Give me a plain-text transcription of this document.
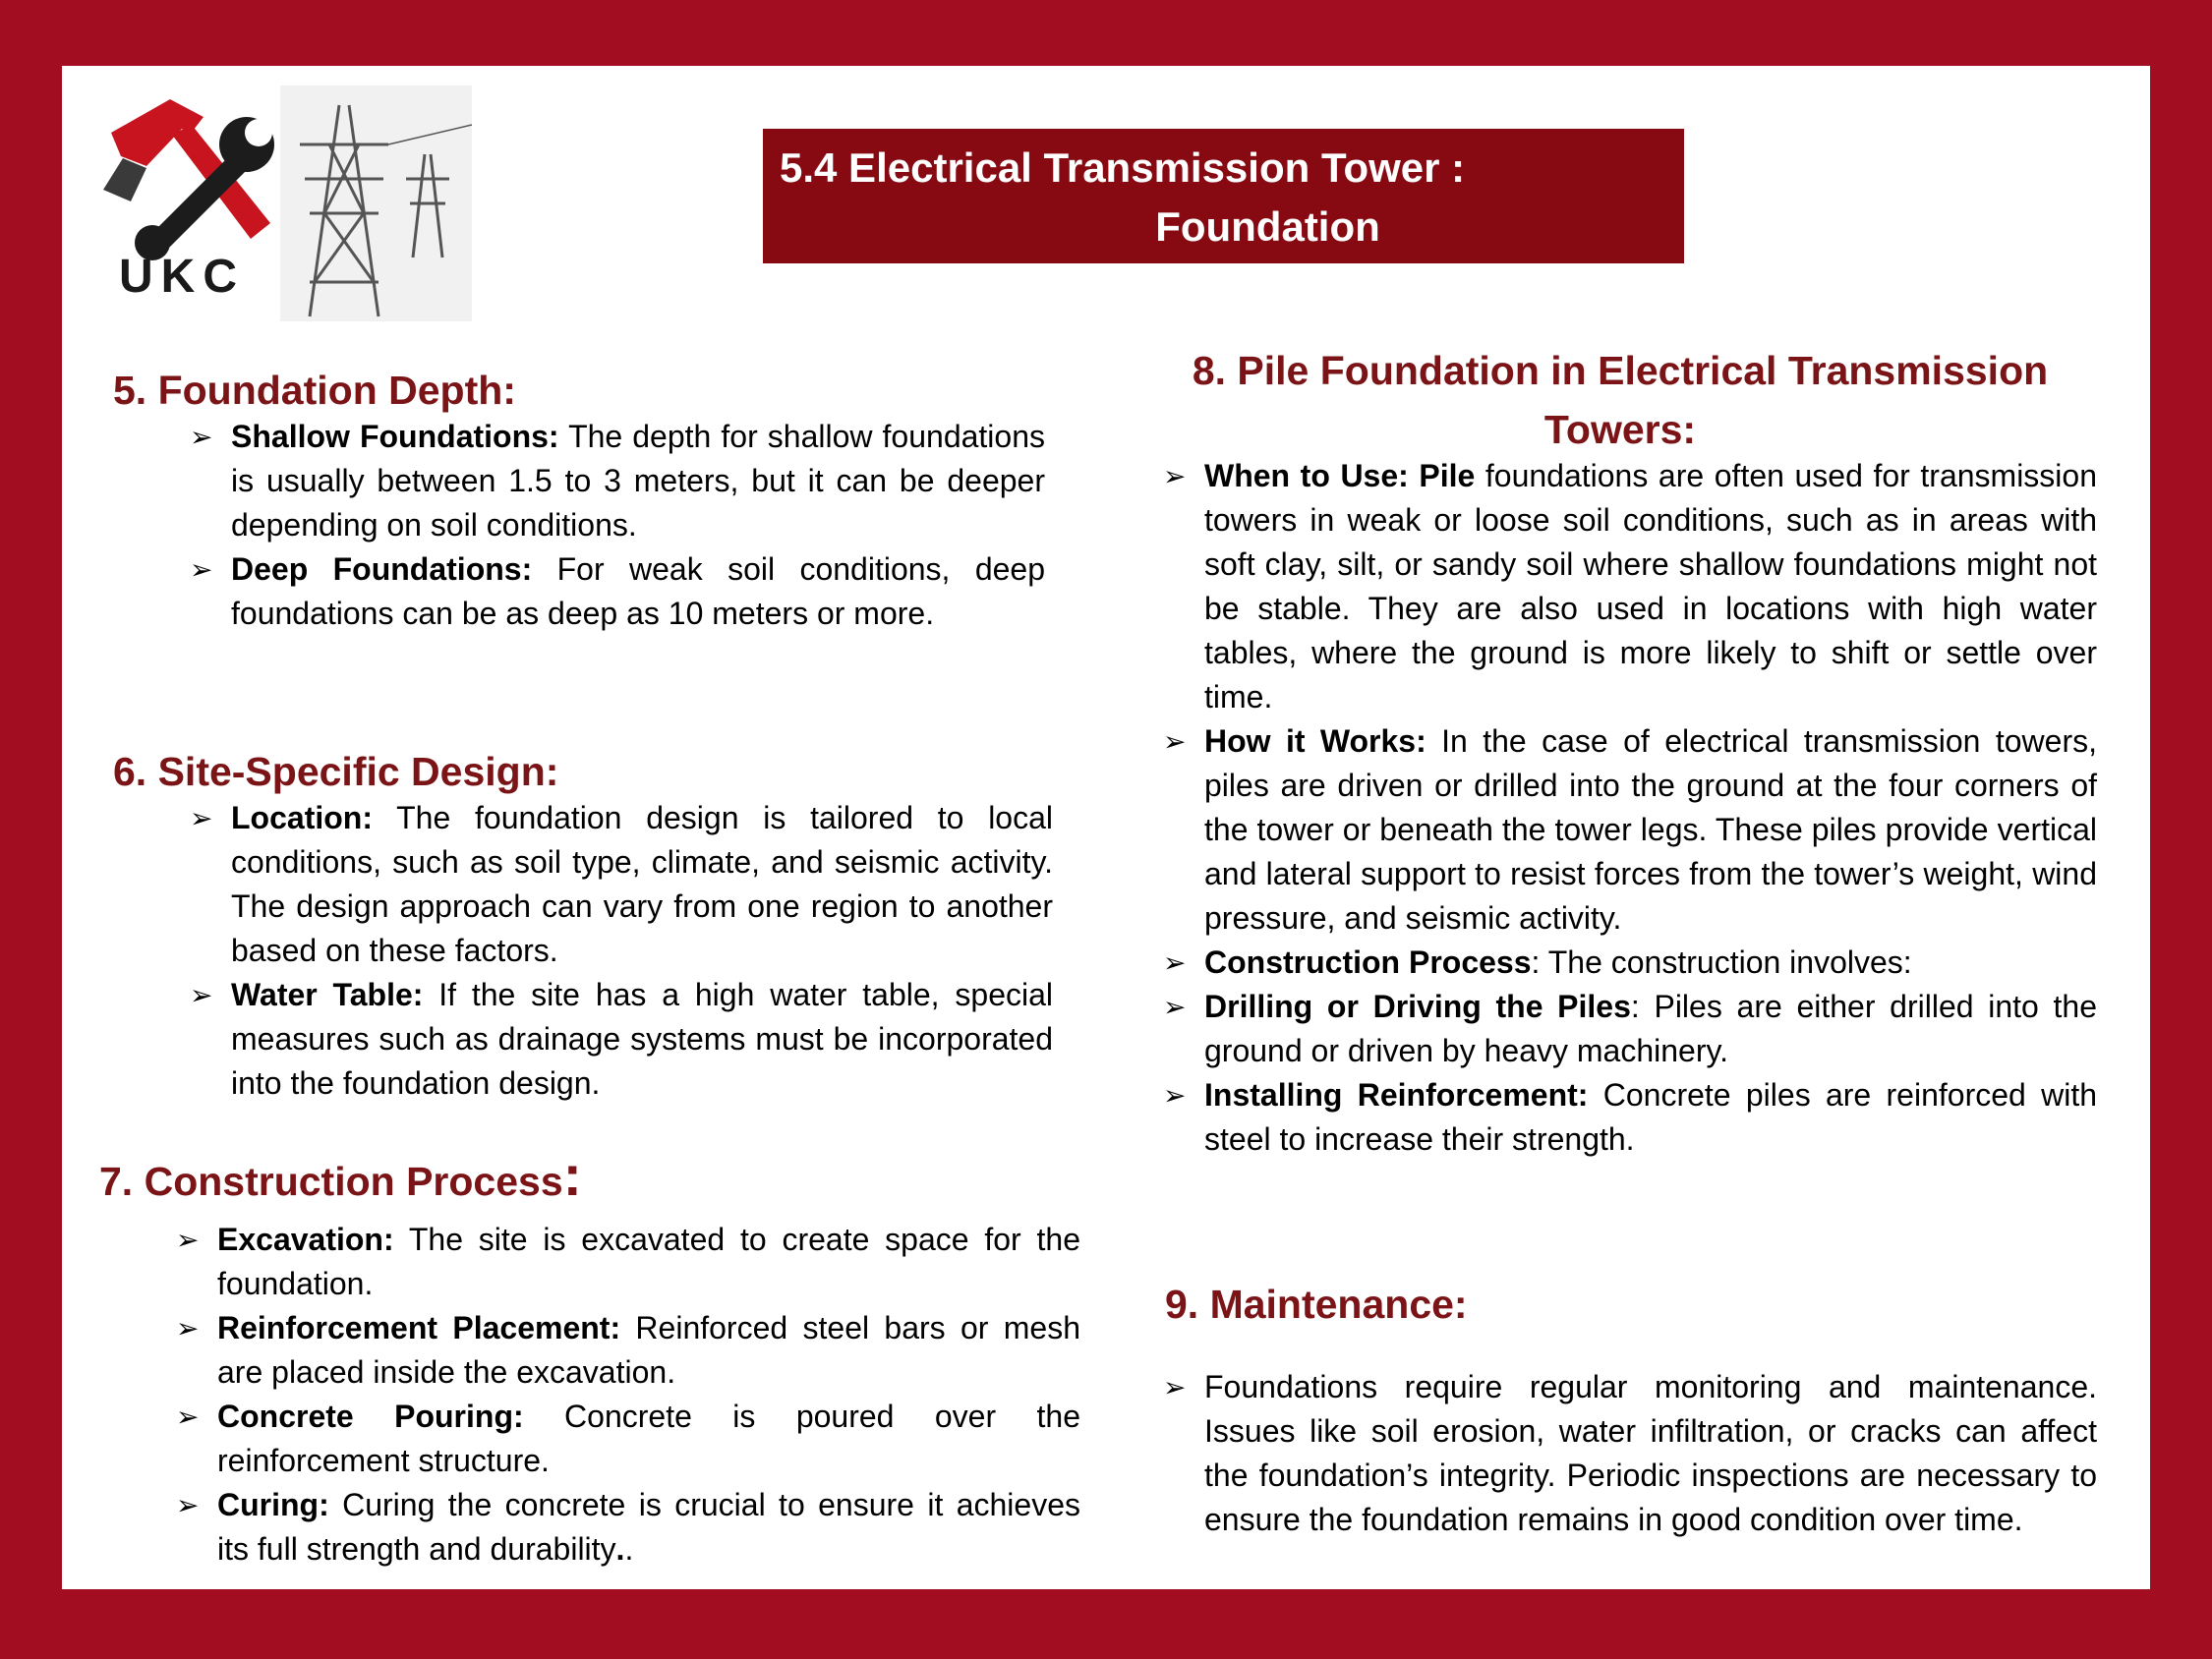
UKC
5.4 Electrical Transmission Tower :
Foundation
5. Foundation Depth:
➢ Shallow Foundations: The depth for shallow foundations is usually between 1.5 to 3 meters, but it can be deeper depending on soil conditions.
➢ Deep Foundations: For weak soil conditions, deep foundations can be as deep as 10 meters or more.
6. Site-Specific Design:
➢ Location: The foundation design is tailored to local conditions, such as soil type, climate, and seismic activity. The design approach can vary from one region to another based on these factors.
➢ Water Table: If the site has a high water table, special measures such as drainage systems must be incorporated into the foundation design.
7. Construction Process:
➢ Excavation: The site is excavated to create space for the foundation.
➢ Reinforcement Placement: Reinforced steel bars or mesh are placed inside the excavation.
➢ Concrete Pouring: Concrete is poured over the reinforcement structure.
➢ Curing: Curing the concrete is crucial to ensure it achieves its full strength and durability..
8. Pile Foundation in Electrical Transmission Towers:
➢ When to Use: Pile foundations are often used for transmission towers in weak or loose soil conditions, such as in areas with soft clay, silt, or sandy soil where shallow foundations might not be stable. They are also used in locations with high water tables, where the ground is more likely to shift or settle over time.
➢ How it Works: In the case of electrical transmission towers, piles are driven or drilled into the ground at the four corners of the tower or beneath the tower legs. These piles provide vertical and lateral support to resist forces from the tower’s weight, wind pressure, and seismic activity.
➢ Construction Process: The construction involves:
➢ Drilling or Driving the Piles: Piles are either drilled into the ground or driven by heavy machinery.
➢ Installing Reinforcement: Concrete piles are reinforced with steel to increase their strength.
9. Maintenance:
➢ Foundations require regular monitoring and maintenance. Issues like soil erosion, water infiltration, or cracks can affect the foundation’s integrity. Periodic inspections are necessary to ensure the foundation remains in good condition over time.
